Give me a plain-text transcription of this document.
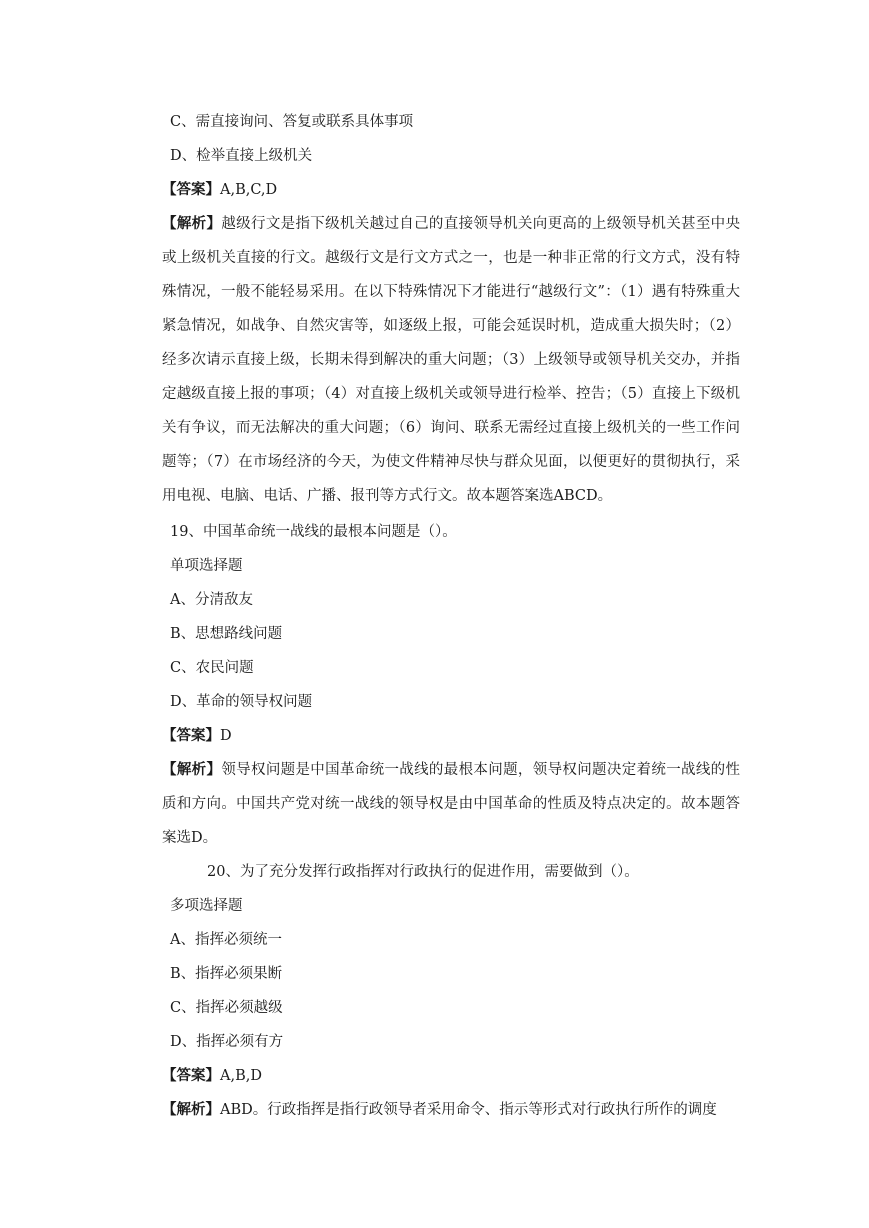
C、需直接询问、答复或联系具体事项
D、检举直接上级机关
【答案】A,B,C,D
【解析】越级行文是指下级机关越过自己的直接领导机关向更高的上级领导机关甚至中央或上级机关直接的行文。越级行文是行文方式之一，也是一种非正常的行文方式，没有特殊情况，一般不能轻易采用。在以下特殊情况下才能进行“越级行文”：（1）遇有特殊重大紧急情况，如战争、自然灾害等，如逐级上报，可能会延误时机，造成重大损失时；（2）经多次请示直接上级，长期未得到解决的重大问题；（3）上级领导或领导机关交办，并指定越级直接上报的事项；（4）对直接上级机关或领导进行检举、控告；（5）直接上下级机关有争议，而无法解决的重大问题；（6）询问、联系无需经过直接上级机关的一些工作问题等；（7）在市场经济的今天，为使文件精神尽快与群众见面，以便更好的贯彻执行，采用电视、电脑、电话、广播、报刊等方式行文。故本题答案选ABCD。
19、中国革命统一战线的最根本问题是（）。
单项选择题
A、分清敌友
B、思想路线问题
C、农民问题
D、革命的领导权问题
【答案】D
【解析】领导权问题是中国革命统一战线的最根本问题，领导权问题决定着统一战线的性质和方向。中国共产党对统一战线的领导权是由中国革命的性质及特点决定的。故本题答案选D。
20、为了充分发挥行政指挥对行政执行的促进作用，需要做到（）。
多项选择题
A、指挥必须统一
B、指挥必须果断
C、指挥必须越级
D、指挥必须有方
【答案】A,B,D
【解析】ABD。行政指挥是指行政领导者采用命令、指示等形式对行政执行所作的调度
